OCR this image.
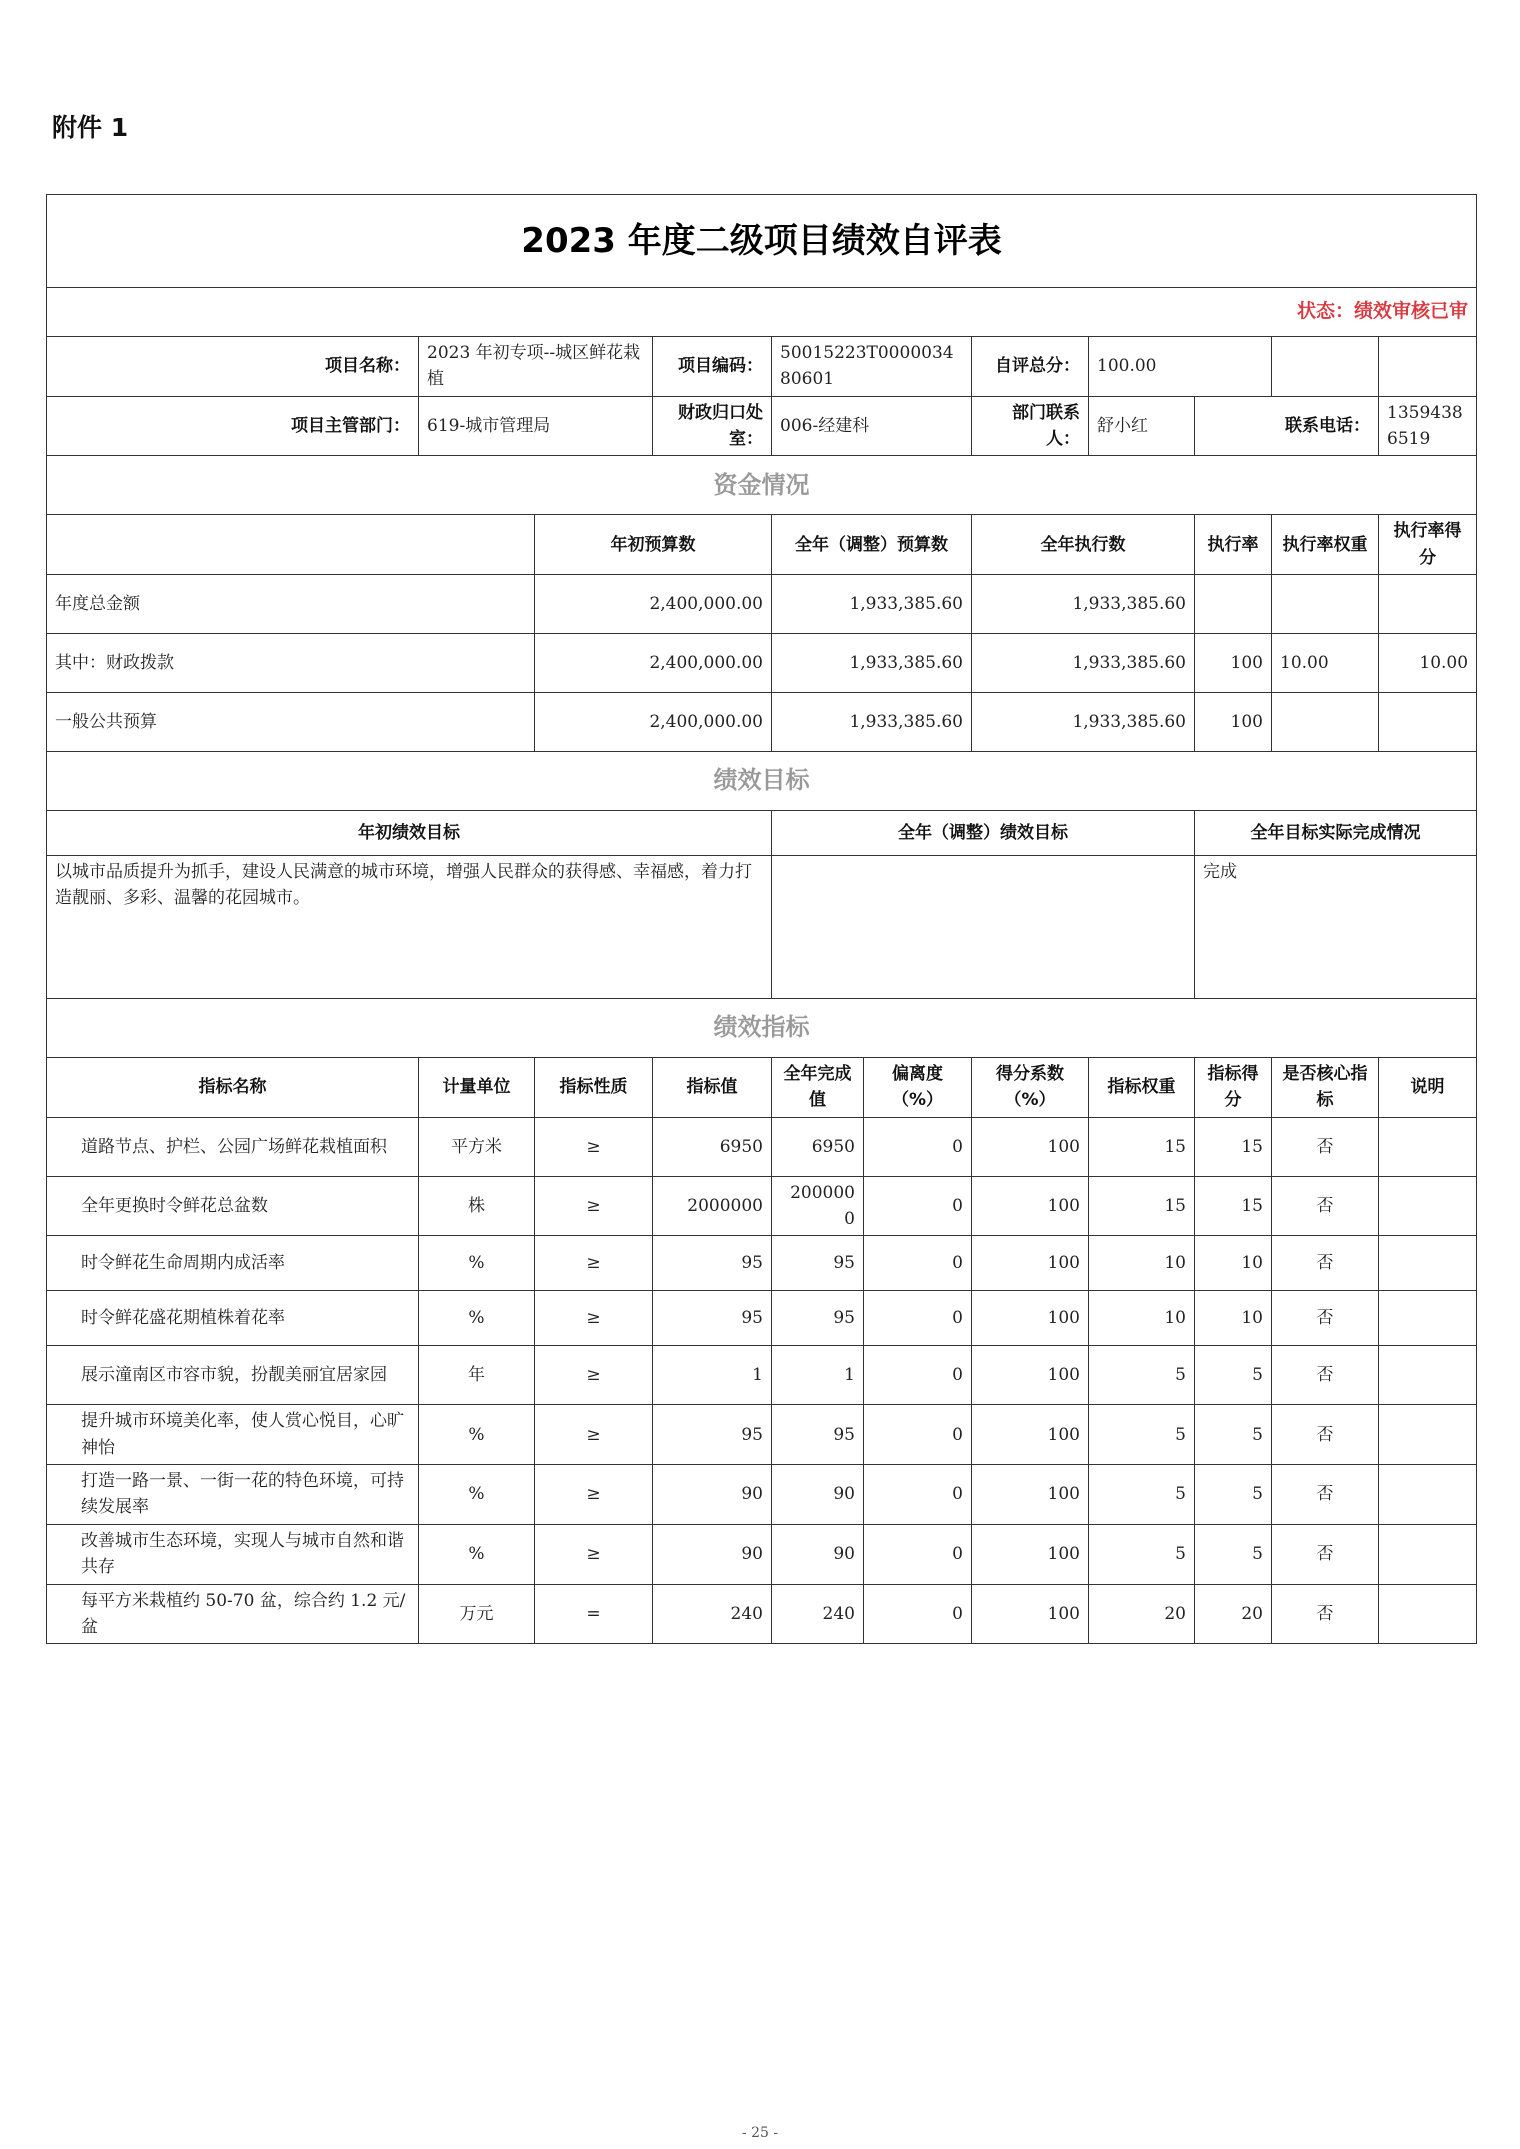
附件 1
2023 年度二级项目绩效自评表										
状态：绩效审核已审										
项目名称：	2023 年初专项--城区鲜花栽植		项目编码：	50015223T000003480601		自评总分：	100.00			
项目主管部门：	619-城市管理局		财政归口处室：	006-经建科		部门联系人：	舒小红	联系电话：		13594386519
资金情况										
		年初预算数		全年（调整）预算数		全年执行数		执行率	执行率权重	执行率得分
年度总金额		2,400,000.00		1,933,385.60		1,933,385.60				
其中：财政拨款		2,400,000.00		1,933,385.60		1,933,385.60		100	10.00	10.00
一般公共预算		2,400,000.00		1,933,385.60		1,933,385.60		100		
绩效目标										
年初绩效目标				全年（调整）绩效目标				全年目标实际完成情况		
以城市品质提升为抓手，建设人民满意的城市环境，增强人民群众的获得感、幸福感，着力打造靓丽、多彩、温馨的花园城市。								完成		
绩效指标										
指标名称	计量单位	指标性质	指标值	全年完成值	偏离度（%）	得分系数（%）	指标权重	指标得分	是否核心指标	说明
道路节点、护栏、公园广场鲜花栽植面积	平方米	≥	6950	6950	0	100	15	15	否	
全年更换时令鲜花总盆数	株	≥	2000000	2000000	0	100	15	15	否	
时令鲜花生命周期内成活率	%	≥	95	95	0	100	10	10	否	
时令鲜花盛花期植株着花率	%	≥	95	95	0	100	10	10	否	
展示潼南区市容市貌，扮靓美丽宜居家园	年	≥	1	1	0	100	5	5	否	
提升城市环境美化率，使人赏心悦目，心旷神怡	%	≥	95	95	0	100	5	5	否	
打造一路一景、一街一花的特色环境，可持续发展率	%	≥	90	90	0	100	5	5	否	
改善城市生态环境，实现人与城市自然和谐共存	%	≥	90	90	0	100	5	5	否	
每平方米栽植约 50-70 盆，综合约 1.2 元/盆	万元	=	240	240	0	100	20	20	否	
- 25 -
